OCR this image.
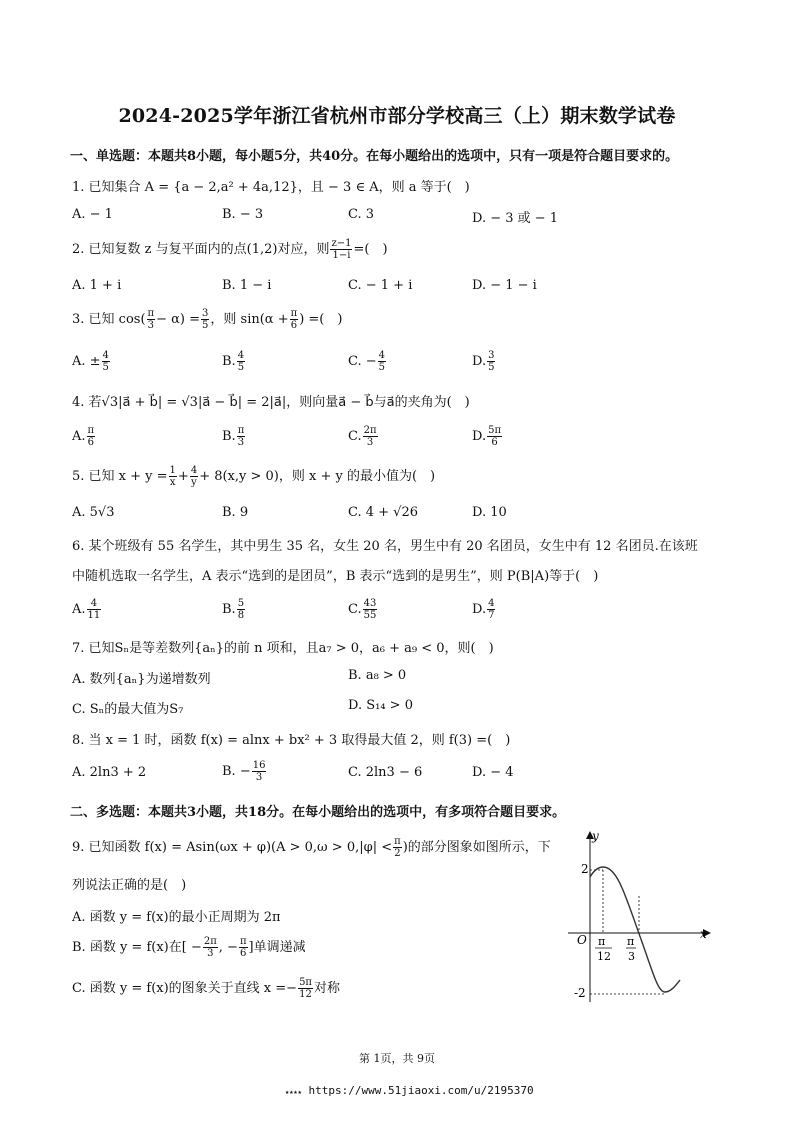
2024-2025学年浙江省杭州市部分学校高三（上）期末数学试卷
一、单选题：本题共8小题，每小题5分，共40分。在每小题给出的选项中，只有一项是符合题目要求的。
1. 已知集合 A = {a − 2,a² + 4a,12}，且 − 3 ∈ A，则 a 等于(　)
A. − 1	B. − 3	C. 3	D. − 3 或 − 1
2. 已知复数 z 与复平面内的点(1,2)对应，则 $\frac{z-1}{1-i}$ =(　)
A. 1 + i	B. 1 − i	C. − 1 + i	D. − 1 − i
3. 已知 $\cos( \frac{\pi}{3} - \alpha) = \frac{3}{5}$ ，则 $\sin(\alpha + \frac{\pi}{6}$ ) =(　)
A. ± $\frac{4}{5}$	B. $\frac{4}{5}$	C. − $\frac{4}{5}$	D. $\frac{3}{5}$
4. 若√3|a⃗ + b⃗| = √3|a⃗ − b⃗| = 2|a⃗|，则向量a⃗ − b⃗与a⃗的夹角为(　)
A. $\frac{\pi}{6}$	B. $\frac{\pi}{3}$	C. $\frac{2\pi}{3}$	D. $\frac{5\pi}{6}$
5. 已知 $x + y = \frac{1}{x} + \frac{4}{y} + 8(x,y > 0)$，则 x + y 的最小值为(　)
A. 5√3	B. 9	C. 4 + √26	D. 10
6. 某个班级有 55 名学生，其中男生 35 名，女生 20 名，男生中有 20 名团员，女生中有 12 名团员.在该班
中随机选取一名学生，A 表示“选到的是团员”，B 表示“选到的是男生”，则 P(B|A)等于(　)
A. $\frac{4}{11}$	B. $\frac{5}{8}$	C. $\frac{43}{55}$	D. $\frac{4}{7}$
7. 已知Sₙ是等差数列{aₙ}的前 n 项和，且a₇ > 0，a₆ + a₉ < 0，则(　)
A. 数列{aₙ}为递增数列	B. a₈ > 0
C. Sₙ的最大值为S₇	D. S₁₄ > 0
8. 当 x = 1 时，函数 f(x) = alnx + bx² + 3 取得最大值 2，则 f(3) =(　)
A. 2ln3 + 2	B. − $\frac{16}{3}$	C. 2ln3 − 6	D. − 4
二、多选题：本题共3小题，共18分。在每小题给出的选项中，有多项符合题目要求。
9. 已知函数 $f(x) = Asin(\omega x + \varphi)(A > 0,\omega > 0,|\varphi| < \frac{\pi}{2}$ )的部分图象如图所示，下
列说法正确的是(　)
A. 函数 y = f(x)的最小正周期为 2π
B. 函数 y = f(x)在[ − $\frac{2\pi}{3}$ , − $\frac{\pi}{6}$ ]单调递减
C. 函数 y = f(x)的图象关于直线 $x =- \frac{5\pi}{12}$ 对称
y
x
O
2
-2
π
12
π
3
第 1页，共 9页
★★★★ https://www.51jiaoxi.com/u/2195370
